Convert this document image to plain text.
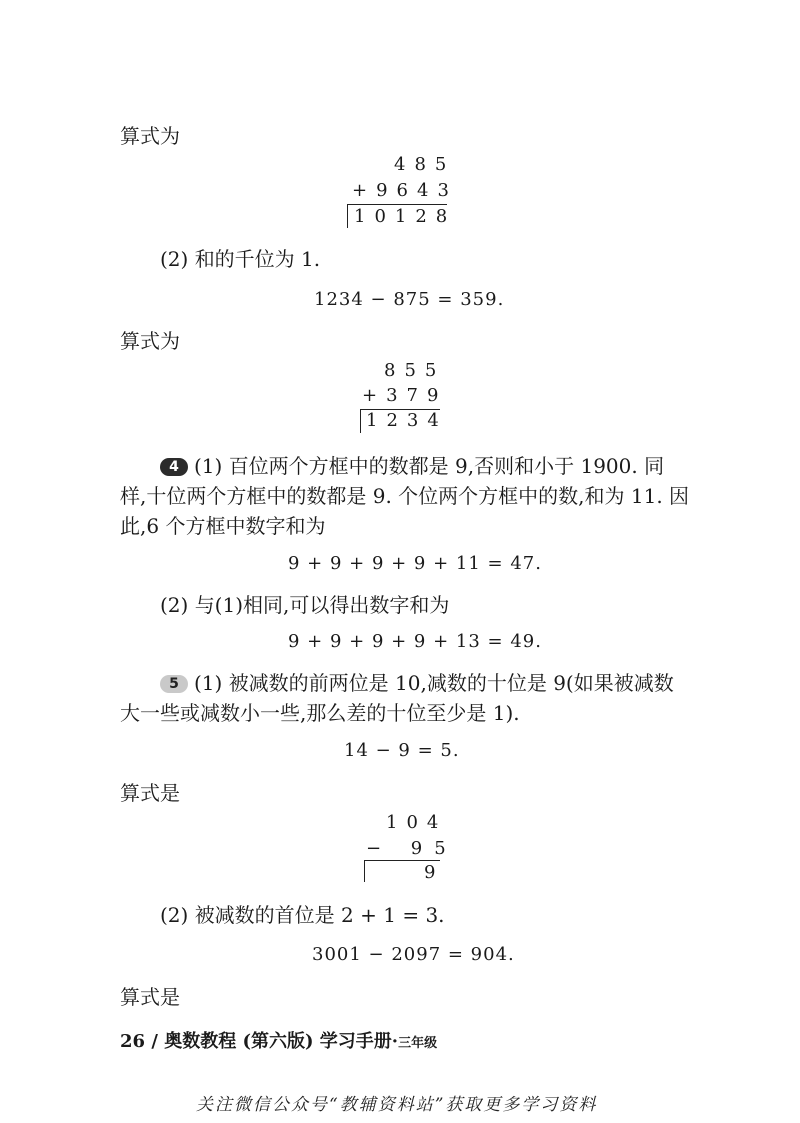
算式为
485
+9643
10128
(2) 和的千位为 1.
1234 − 875 = 359.
算式为
855
+379
1234
4 (1) 百位两个方框中的数都是 9,否则和小于 1900. 同
样,十位两个方框中的数都是 9. 个位两个方框中的数,和为 11. 因
此,6 个方框中数字和为
9 + 9 + 9 + 9 + 11 = 47.
(2) 与(1)相同,可以得出数字和为
9 + 9 + 9 + 9 + 13 = 49.
5 (1) 被减数的前两位是 10,减数的十位是 9(如果被减数
大一些或减数小一些,那么差的十位至少是 1).
14 − 9 = 5.
算式是
104
− 95
9
(2) 被减数的首位是 2 + 1 = 3.
3001 − 2097 = 904.
算式是
26 / 奥数教程 (第六版) 学习手册·三年级
关注微信公众号“教辅资料站”获取更多学习资料
